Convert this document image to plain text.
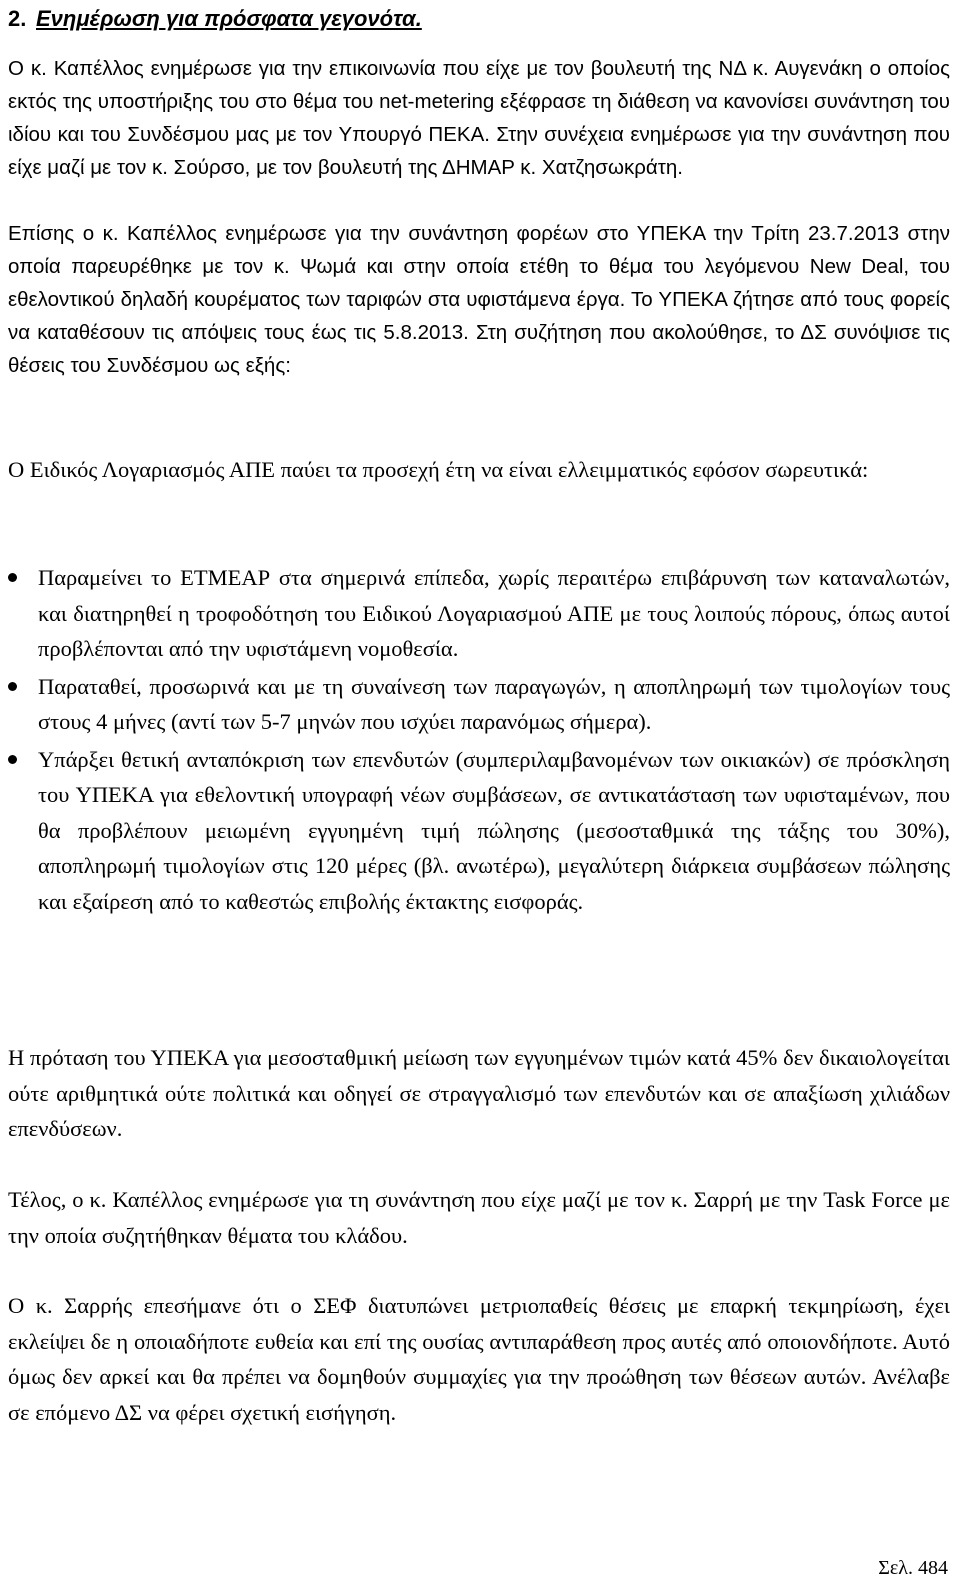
2. Ενημέρωση για πρόσφατα γεγονότα.

Ο κ. Καπέλλος ενημέρωσε για την επικοινωνία που είχε με τον βουλευτή της ΝΔ κ. Αυγενάκη ο οποίος εκτός της υποστήριξης του στο θέμα του net-metering εξέφρασε τη διάθεση να κανονίσει συνάντηση του ιδίου και του Συνδέσμου μας με τον Υπουργό ΠΕΚΑ. Στην συνέχεια ενημέρωσε για την συνάντηση που είχε μαζί με τον κ. Σούρσο, με τον βουλευτή της ΔΗΜΑΡ κ. Χατζησωκράτη.

Επίσης ο κ. Καπέλλος ενημέρωσε για την συνάντηση φορέων στο ΥΠΕΚΑ την Τρίτη 23.7.2013 στην οποία παρευρέθηκε με τον κ. Ψωμά και στην οποία ετέθη το θέμα του λεγόμενου New Deal, του εθελοντικού δηλαδή κουρέματος των ταριφών στα υφιστάμενα έργα. Το ΥΠΕΚΑ ζήτησε από τους φορείς να καταθέσουν τις απόψεις τους έως τις 5.8.2013. Στη συζήτηση που ακολούθησε, το ΔΣ συνόψισε τις θέσεις του Συνδέσμου ως εξής:

Ο Ειδικός Λογαριασμός ΑΠΕ παύει τα προσεχή έτη να είναι ελλειμματικός εφόσον σωρευτικά:

Παραμείνει το ΕΤΜΕΑΡ στα σημερινά επίπεδα, χωρίς περαιτέρω επιβάρυνση των καταναλωτών, και διατηρηθεί η τροφοδότηση του Ειδικού Λογαριασμού ΑΠΕ με τους λοιπούς πόρους, όπως αυτοί προβλέπονται από την υφιστάμενη νομοθεσία.
Παραταθεί, προσωρινά και με τη συναίνεση των παραγωγών, η αποπληρωμή των τιμολογίων τους στους 4 μήνες (αντί των 5-7 μηνών που ισχύει παρανόμως σήμερα).
Υπάρξει θετική ανταπόκριση των επενδυτών (συμπεριλαμβανομένων των οικιακών) σε πρόσκληση του ΥΠΕΚΑ για εθελοντική υπογραφή νέων συμβάσεων, σε αντικατάσταση των υφισταμένων, που θα προβλέπουν μειωμένη εγγυημένη τιμή πώλησης (μεσοσταθμικά της τάξης του 30%), αποπληρωμή τιμολογίων στις 120 μέρες (βλ. ανωτέρω), μεγαλύτερη διάρκεια συμβάσεων πώλησης και εξαίρεση από το καθεστώς επιβολής έκτακτης εισφοράς.

Η πρόταση του ΥΠΕΚΑ για μεσοσταθμική μείωση των εγγυημένων τιμών κατά 45% δεν δικαιολογείται ούτε αριθμητικά ούτε πολιτικά και οδηγεί σε στραγγαλισμό των επενδυτών και σε απαξίωση χιλιάδων επενδύσεων.

Τέλος, ο κ. Καπέλλος ενημέρωσε για τη συνάντηση που είχε μαζί με τον κ. Σαρρή με την Task Force με την οποία συζητήθηκαν θέματα του κλάδου.

Ο κ. Σαρρής επεσήμανε ότι ο ΣΕΦ διατυπώνει μετριοπαθείς θέσεις με επαρκή τεκμηρίωση, έχει εκλείψει δε η οποιαδήποτε ευθεία και επί της ουσίας αντιπαράθεση προς αυτές από οποιονδήποτε. Αυτό όμως δεν αρκεί και θα πρέπει να δομηθούν συμμαχίες για την προώθηση των θέσεων αυτών. Ανέλαβε σε επόμενο ΔΣ να φέρει σχετική εισήγηση.

Σελ. 484
